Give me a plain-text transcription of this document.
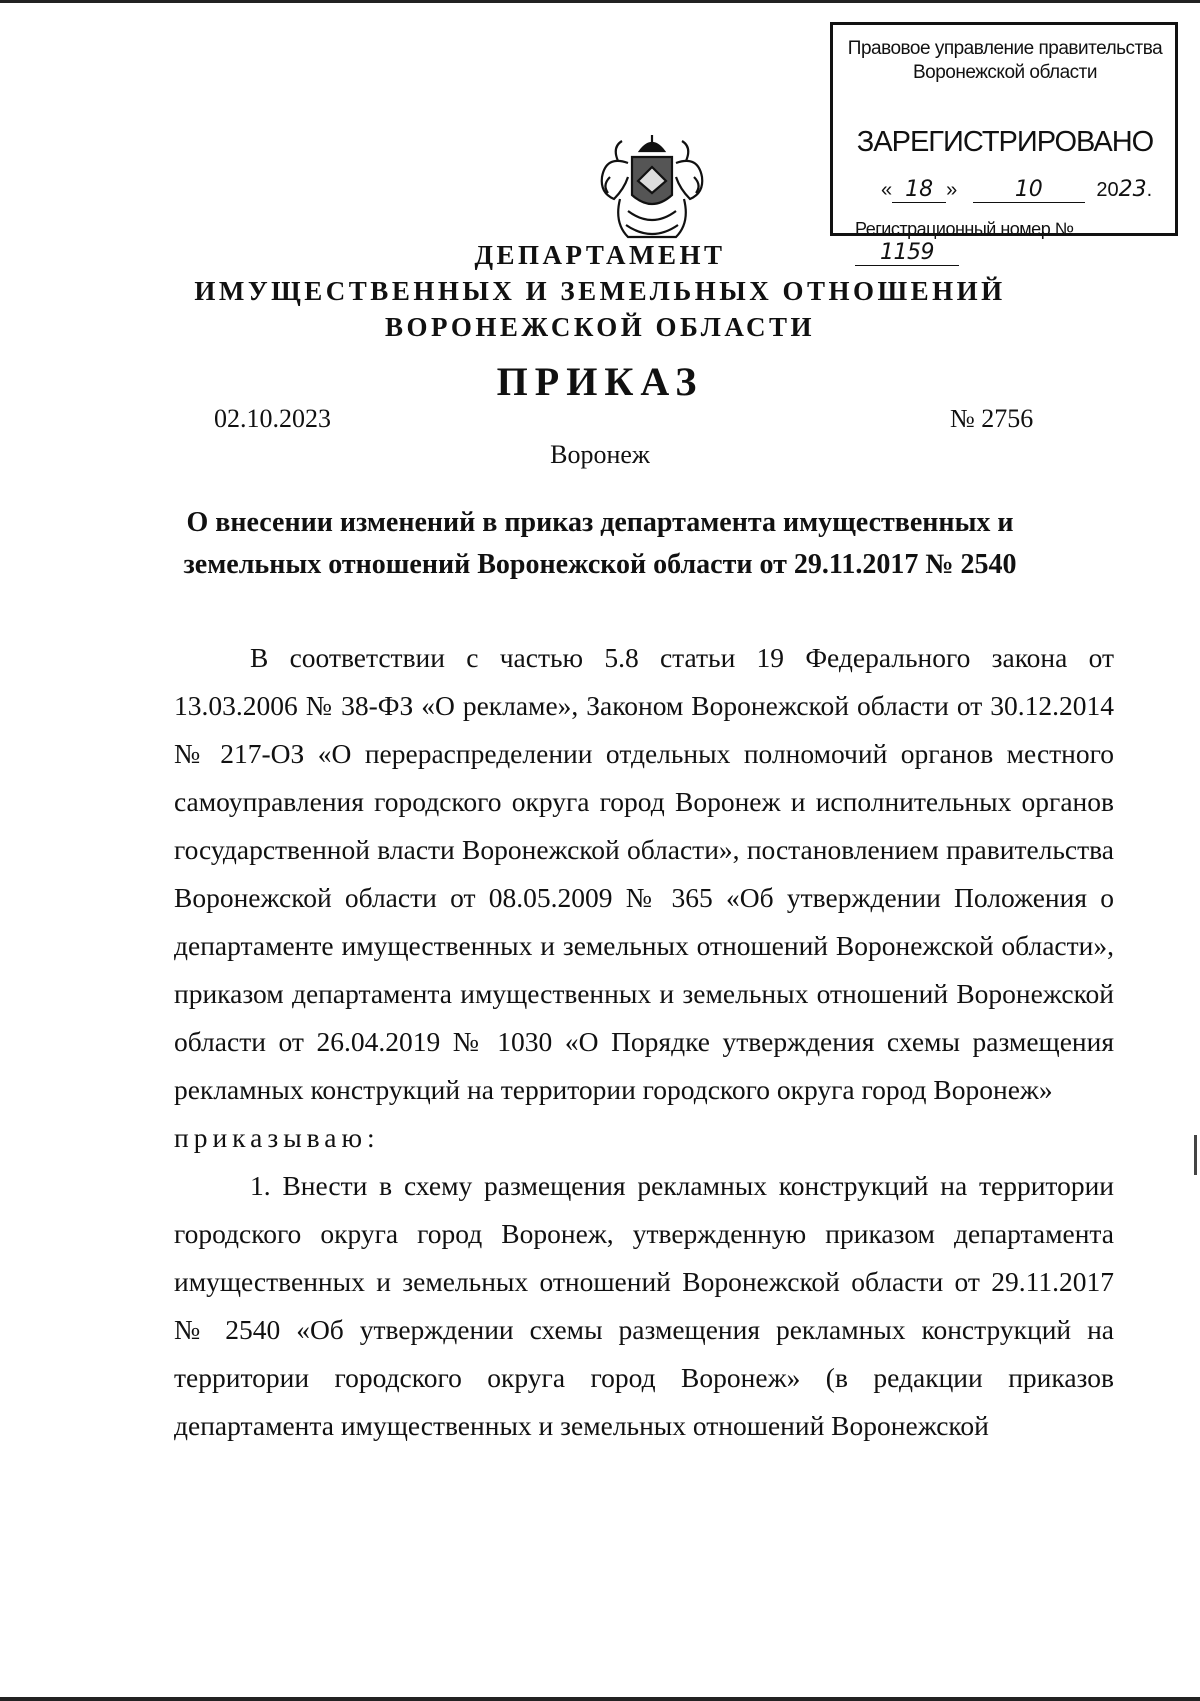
Правовое управление правительства
Воронежской области
ЗАРЕГИСТРИРОВАНО
« 18 »	10	2023.
Регистрационный номер № 1159
ДЕПАРТАМЕНТ
ИМУЩЕСТВЕННЫХ И ЗЕМЕЛЬНЫХ ОТНОШЕНИЙ
ВОРОНЕЖСКОЙ ОБЛАСТИ
ПРИКАЗ
02.10.2023	№ 2756
Воронеж
О внесении изменений в приказ департамента имущественных и
земельных отношений Воронежской области от 29.11.2017 № 2540

В соответствии с частью 5.8 статьи 19 Федерального закона от 13.03.2006 № 38-ФЗ «О рекламе», Законом Воронежской области от 30.12.2014 № 217-ОЗ «О перераспределении отдельных полномочий органов местного самоуправления городского округа город Воронеж и исполнительных органов государственной власти Воронежской области», постановлением правительства Воронежской области от 08.05.2009 № 365 «Об утверждении Положения о департаменте имущественных и земельных отношений Воронежской области», приказом департамента имущественных и земельных отношений Воронежской области от 26.04.2019 № 1030 «О Порядке утверждения схемы размещения рекламных конструкций на территории городского округа город Воронеж»

приказываю:

1. Внести в схему размещения рекламных конструкций на территории городского округа город Воронеж, утвержденную приказом департамента имущественных и земельных отношений Воронежской области от 29.11.2017 № 2540 «Об утверждении схемы размещения рекламных конструкций на территории городского округа город Воронеж» (в редакции приказов департамента имущественных и земельных отношений Воронежской
